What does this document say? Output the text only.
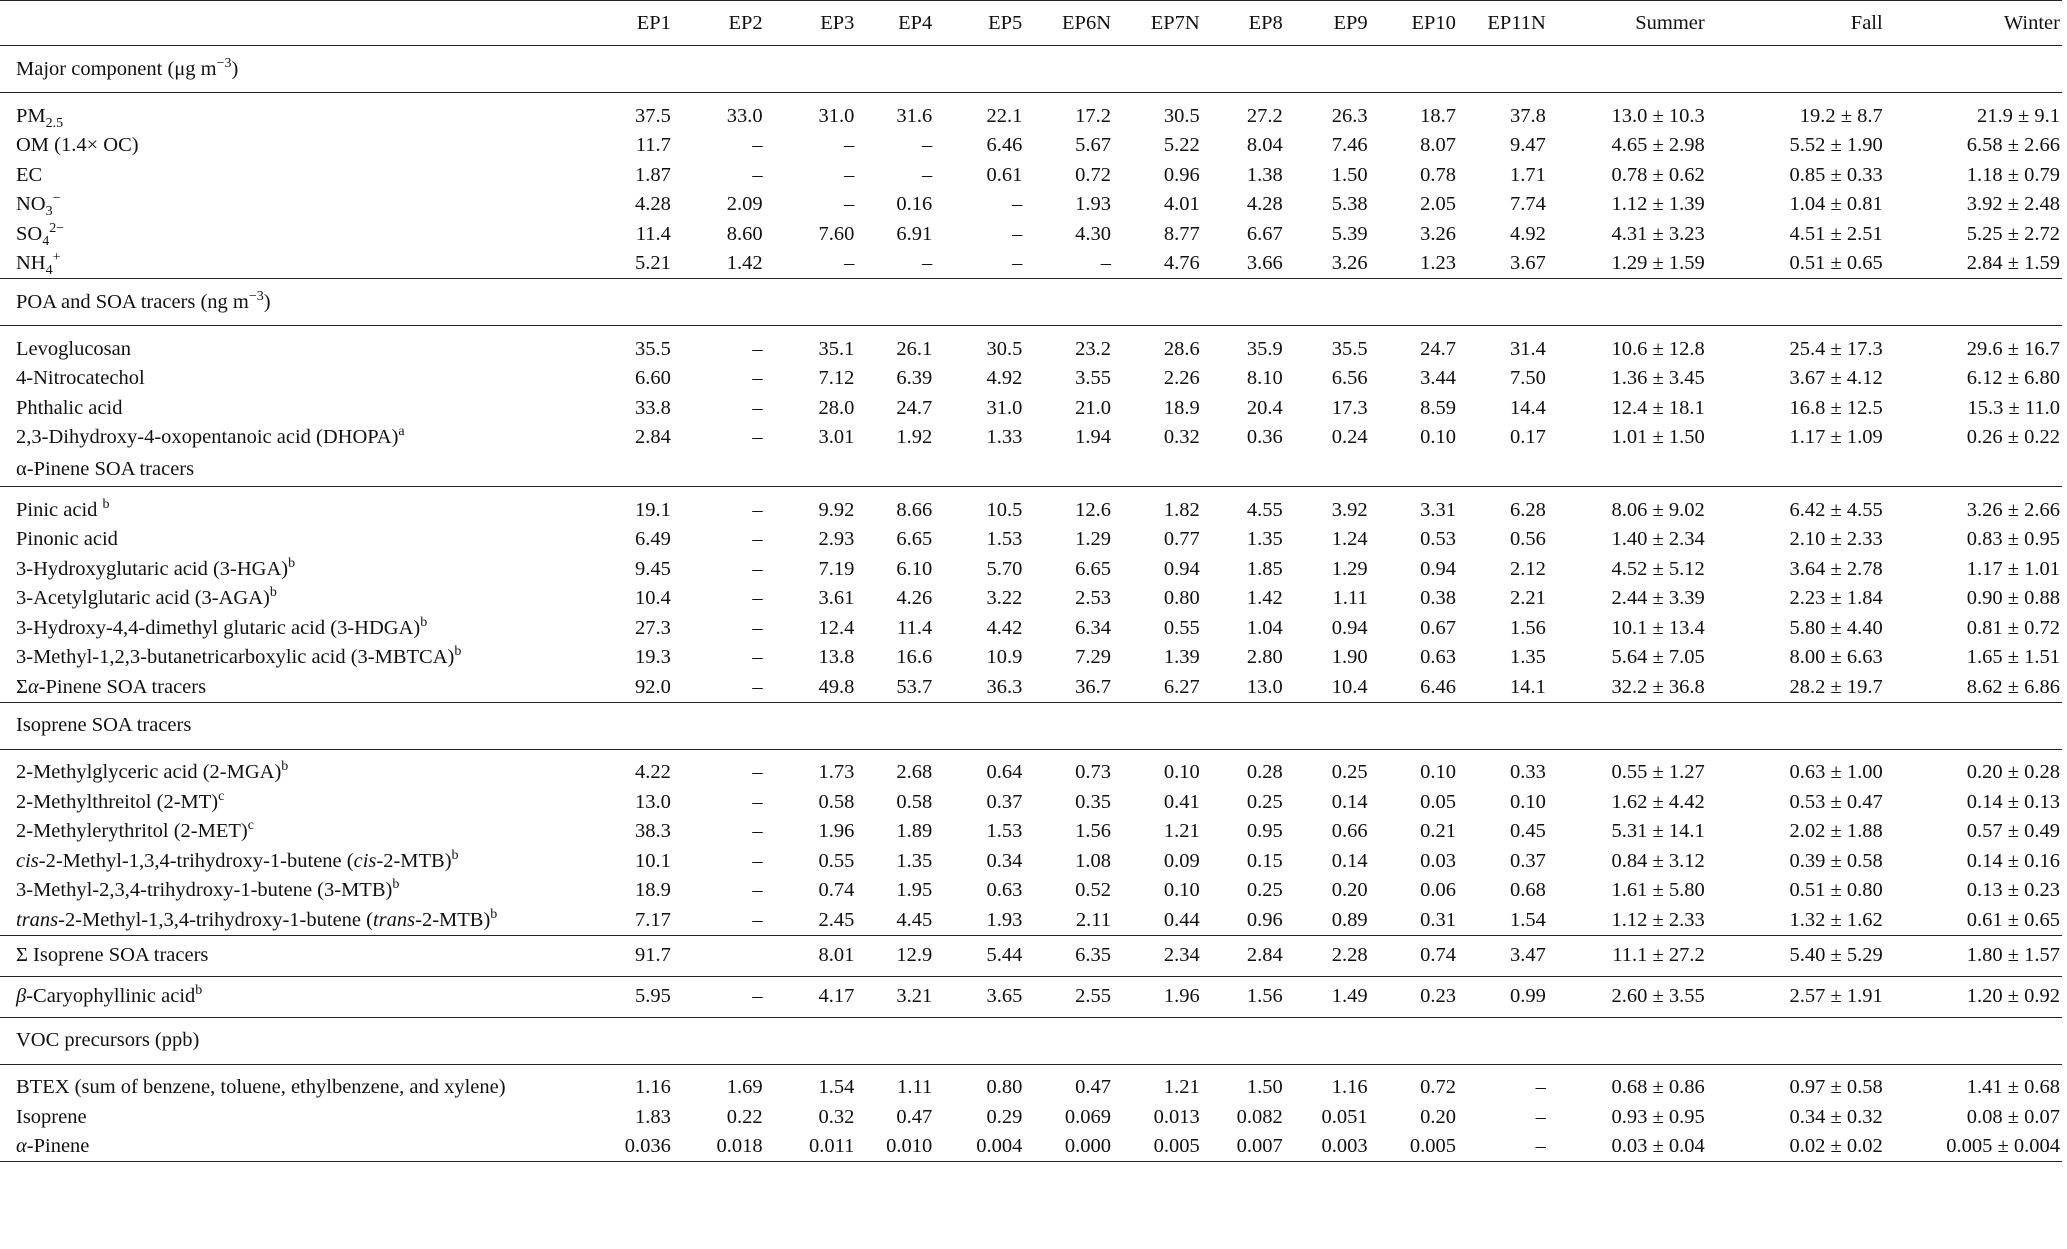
	EP1	EP2	EP3	EP4	EP5	EP6N	EP7N	EP8	EP9	EP10	EP11N	Summer	Fall	Winter
Major component (μg $m^{-3}$)														
$PM_{2.5}$	37.5	33.0	31.0	31.6	22.1	17.2	30.5	27.2	26.3	18.7	37.8	13.0 ± 10.3	19.2 ± 8.7	21.9 ± 9.1
OM (1.4× OC)	11.7	–	–	–	6.46	5.67	5.22	8.04	7.46	8.07	9.47	4.65 ± 2.98	5.52 ± 1.90	6.58 ± 2.66
EC	1.87	–	–	–	0.61	0.72	0.96	1.38	1.50	0.78	1.71	0.78 ± 0.62	0.85 ± 0.33	1.18 ± 0.79
$NO_3^-$	4.28	2.09	–	0.16	–	1.93	4.01	4.28	5.38	2.05	7.74	1.12 ± 1.39	1.04 ± 0.81	3.92 ± 2.48
$SO_4^{2-}$	11.4	8.60	7.60	6.91	–	4.30	8.77	6.67	5.39	3.26	4.92	4.31 ± 3.23	4.51 ± 2.51	5.25 ± 2.72
$NH_4^+$	5.21	1.42	–	–	–	–	4.76	3.66	3.26	1.23	3.67	1.29 ± 1.59	0.51 ± 0.65	2.84 ± 1.59
POA and SOA tracers (ng $m^{-3}$)														
Levoglucosan	35.5	–	35.1	26.1	30.5	23.2	28.6	35.9	35.5	24.7	31.4	10.6 ± 12.8	25.4 ± 17.3	29.6 ± 16.7
4-Nitrocatechol	6.60	–	7.12	6.39	4.92	3.55	2.26	8.10	6.56	3.44	7.50	1.36 ± 3.45	3.67 ± 4.12	6.12 ± 6.80
Phthalic acid	33.8	–	28.0	24.7	31.0	21.0	18.9	20.4	17.3	8.59	14.4	12.4 ± 18.1	16.8 ± 12.5	15.3 ± 11.0
2,3-Dihydroxy-4-oxopentanoic acid (DHOPA)$^a$	2.84	–	3.01	1.92	1.33	1.94	0.32	0.36	0.24	0.10	0.17	1.01 ± 1.50	1.17 ± 1.09	0.26 ± 0.22
α-Pinene SOA tracers														
Pinic acid $^b$	19.1	–	9.92	8.66	10.5	12.6	1.82	4.55	3.92	3.31	6.28	8.06 ± 9.02	6.42 ± 4.55	3.26 ± 2.66
Pinonic acid	6.49	–	2.93	6.65	1.53	1.29	0.77	1.35	1.24	0.53	0.56	1.40 ± 2.34	2.10 ± 2.33	0.83 ± 0.95
3-Hydroxyglutaric acid $(3-HGA)^b$	9.45	–	7.19	6.10	5.70	6.65	0.94	1.85	1.29	0.94	2.12	4.52 ± 5.12	3.64 ± 2.78	1.17 ± 1.01
3-Acetylglutaric acid $(3-AGA)^b$	10.4	–	3.61	4.26	3.22	2.53	0.80	1.42	1.11	0.38	2.21	2.44 ± 3.39	2.23 ± 1.84	0.90 ± 0.88
3-Hydroxy-4,4-dimethyl glutaric acid (3-HDGA)$^b$	27.3	–	12.4	11.4	4.42	6.34	0.55	1.04	0.94	0.67	1.56	10.1 ± 13.4	5.80 ± 4.40	0.81 ± 0.72
3-Methyl-1,2,3-butanetricarboxylic acid (3-MBTCA)$^b$	19.3	–	13.8	16.6	10.9	7.29	1.39	2.80	1.90	0.63	1.35	5.64 ± 7.05	8.00 ± 6.63	1.65 ± 1.51
Σα-Pinene SOA tracers	92.0	–	49.8	53.7	36.3	36.7	6.27	13.0	10.4	6.46	14.1	32.2 ± 36.8	28.2 ± 19.7	8.62 ± 6.86
Isoprene SOA tracers														
2-Methylglyceric acid $(2-MGA)^b$	4.22	–	1.73	2.68	0.64	0.73	0.10	0.28	0.25	0.10	0.33	0.55 ± 1.27	0.63 ± 1.00	0.20 ± 0.28
2-Methylthreitol $(2-MT)^c$	13.0	–	0.58	0.58	0.37	0.35	0.41	0.25	0.14	0.05	0.10	1.62 ± 4.42	0.53 ± 0.47	0.14 ± 0.13
2-Methylerythritol $(2-MET)^c$	38.3	–	1.96	1.89	1.53	1.56	1.21	0.95	0.66	0.21	0.45	5.31 ± 14.1	2.02 ± 1.88	0.57 ± 0.49
cis-2-Methyl-1,3,4-trihydroxy-1-butene $(cis-2-MTB)^b$	10.1	–	0.55	1.35	0.34	1.08	0.09	0.15	0.14	0.03	0.37	0.84 ± 3.12	0.39 ± 0.58	0.14 ± 0.16
3-Methyl-2,3,4-trihydroxy-1-butene $(3-MTB)^b$	18.9	–	0.74	1.95	0.63	0.52	0.10	0.25	0.20	0.06	0.68	1.61 ± 5.80	0.51 ± 0.80	0.13 ± 0.23
trans-2-Methyl-1,3,4-trihydroxy-1-butene (trans-2-MTB)$^b$	7.17	–	2.45	4.45	1.93	2.11	0.44	0.96	0.89	0.31	1.54	1.12 ± 2.33	1.32 ± 1.62	0.61 ± 0.65
Σ Isoprene SOA tracers	91.7		8.01	12.9	5.44	6.35	2.34	2.84	2.28	0.74	3.47	11.1 ± 27.2	5.40 ± 5.29	1.80 ± 1.57
β-Caryophyllinic acid$^b$	5.95	–	4.17	3.21	3.65	2.55	1.96	1.56	1.49	0.23	0.99	2.60 ± 3.55	2.57 ± 1.91	1.20 ± 0.92
VOC precursors (ppb)														
BTEX (sum of benzene, toluene, ethylbenzene, and xylene)	1.16	1.69	1.54	1.11	0.80	0.47	1.21	1.50	1.16	0.72	–	0.68 ± 0.86	0.97 ± 0.58	1.41 ± 0.68
Isoprene	1.83	0.22	0.32	0.47	0.29	0.069	0.013	0.082	0.051	0.20	–	0.93 ± 0.95	0.34 ± 0.32	0.08 ± 0.07
α-Pinene	0.036	0.018	0.011	0.010	0.004	0.000	0.005	0.007	0.003	0.005	–	0.03 ± 0.04	0.02 ± 0.02	0.005 ± 0.004
